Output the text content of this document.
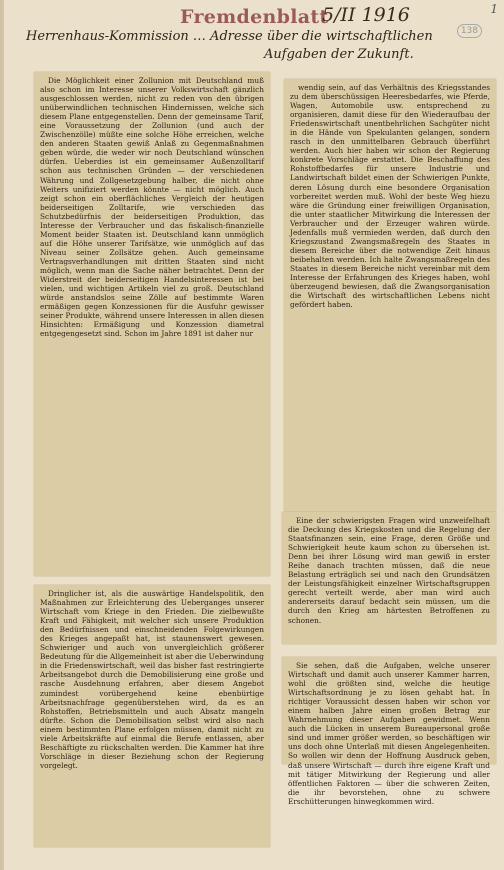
Fremdenblatt
5/II 1916	1
138
Herrenhaus-Kommission … Adresse über die wirtschaftlichen
Aufgaben der Zukunft.
Die Möglichkeit einer Zollunion mit Deutschland muß also schon im Interesse unserer Volkswirtschaft gänzlich ausgeschlossen werden, nicht zu reden von den übrigen unüberwindlichen technischen Hindernissen, welche sich diesem Plane entgegenstellen. Denn der gemeinsame Tarif, eine Voraussetzung der Zollunion (und auch der Zwischenzölle) müßte eine solche Höhe erreichen, welche den anderen Staaten gewiß Anlaß zu Gegenmaßnahmen geben würde, die weder wir noch Deutschland wünschen dürfen. Ueberdies ist ein gemeinsamer Außenzolltarif schon aus technischen Gründen — der verschiedenen Währung und Zollgesetzgebung halber, die nicht ohne Weiters unifiziert werden könnte — nicht möglich. Auch zeigt schon ein oberflächliches Vergleich der heutigen beiderseitigen Zolltarife, wie verschieden das Schutzbedürfnis der beiderseitigen Produktion, das Interesse der Verbraucher und das fiskalisch-finanzielle Moment beider Staaten ist. Deutschland kann unmöglich auf die Höhe unserer Tarifsätze, wie unmöglich auf das Niveau seiner Zollsätze gehen. Auch gemeinsame Vertragsverhandlungen mit dritten Staaten sind nicht möglich, wenn man die Sache näher betrachtet. Denn der Widerstreit der beiderseitigen Handelsinteressen ist bei vielen, und wichtigen Artikeln viel zu groß. Deutschland würde anstandslos seine Zölle auf bestimmte Waren ermäßigen gegen Konzessionen für die Ausfuhr gewisser seiner Produkte, während unsere Interessen in allen diesen Hinsichten: Ermäßigung und Konzession diametral entgegengesetzt sind. Schon im Jahre 1891 ist daher nur
wendig sein, auf das Verhältnis des Kriegsstandes zu dem überschüssigen Heeresbedarfes, wie Pferde, Wagen, Automobile usw. entsprechend zu organisieren, damit diese für den Wiederaufbau der Friedenswirtschaft unentbehrlichen Sachgüter nicht in die Hände von Spekulanten gelangen, sondern rasch in den unmittelbaren Gebrauch überführt werden. Auch hier haben wir schon der Regierung konkrete Vorschläge erstattet. Die Beschaffung des Rohstoffbedarfes für unsere Industrie und Landwirtschaft bildet einen der Schwierigen Punkte, deren Lösung durch eine besondere Organisation vorbereitet werden muß. Wohl der beste Weg hiezu wäre die Gründung einer freiwilligen Organisation, die unter staatlicher Mitwirkung die Interessen der Verbraucher und der Erzeuger wahren würde. Jedenfalls muß vermieden werden, daß durch den Kriegszustand Zwangsmaßregeln des Staates in diesem Bereiche über die notwendige Zeit hinaus beibehalten werden. Ich halte Zwangsmaßregeln des Staates in diesem Bereiche nicht vereinbar mit dem Interesse der Erfahrungen des Krieges haben, wohl überzeugend bewiesen, daß die Zwangsorganisation die Wirtschaft des wirtschaftlichen Lebens nicht gefördert haben.
Dringlicher ist, als die auswärtige Handelspolitik, den Maßnahmen zur Erleichterung des Ueberganges unserer Wirtschaft vom Kriege in den Frieden. Die zielbewußte Kraft und Fähigkeit, mit welcher sich unsere Produktion den Bedürfnissen und einschneidenden Folgewirkungen des Krieges angepaßt hat, ist staunenswert gewesen. Schwieriger und auch von unvergleichlich größerer Bedeutung für die Allgemeinheit ist aber die Ueberwindung in die Friedenswirtschaft, weil das bisher fast restringierte Arbeitsangebot durch die Demobilisierung eine große und rasche Ausdehnung erfahren, aber diesem Angebot zumindest vorübergehend keine ebenbürtige Arbeitsnachfrage gegenüberstehen wird, da es an Rohstoffen, Betriebsmitteln und auch Absatz mangeln dürfte. Schon die Demobilisation selbst wird also nach einem bestimmten Plane erfolgen müssen, damit nicht zu viele Arbeitskräfte auf einmal die Berufe entlassen, aber Beschäftigte zu rückschalten werden. Die Kammer hat ihre Vorschläge in dieser Beziehung schon der Regierung vorgelegt.
Eine der schwierigsten Fragen wird unzweifelhaft die Deckung des Kriegskosten und die Regelung der Staatsfinanzen sein, eine Frage, deren Größe und Schwierigkeit heute kaum schon zu übersehen ist. Denn bei ihrer Lösung wird man gewiß in erster Reihe danach trachten müssen, daß die neue Belastung erträglich sei und nach den Grundsätzen der Leistungsfähigkeit einzelner Wirtschaftsgruppen gerecht verteilt werde, aber man wird auch andererseits darauf bedacht sein müssen, um die durch den Krieg am härtesten Betroffenen zu schonen.
Sie sehen, daß die Aufgaben, welche unserer Wirtschaft und damit auch unserer Kammer harren, wohl die größten sind, welche die heutige Wirtschaftsordnung je zu lösen gehabt hat. In richtiger Voraussicht dessen haben wir schon vor einem halben Jahre einen großen Betrag zur Wahrnehmung dieser Aufgaben gewidmet. Wenn auch die Lücken in unserem Bureaupersonal große sind und immer größer werden, so beschäftigen wir uns doch ohne Unterlaß mit diesen Angelegenheiten. So wollen wir denn der Hoffnung Ausdruck geben, daß unsere Wirtschaft — durch ihre eigene Kraft und mit tätiger Mitwirkung der Regierung und aller öffentlichen Faktoren — über die schweren Zeiten, die ihr bevorstehen, ohne zu schwere Erschütterungen hinwegkommen wird.
